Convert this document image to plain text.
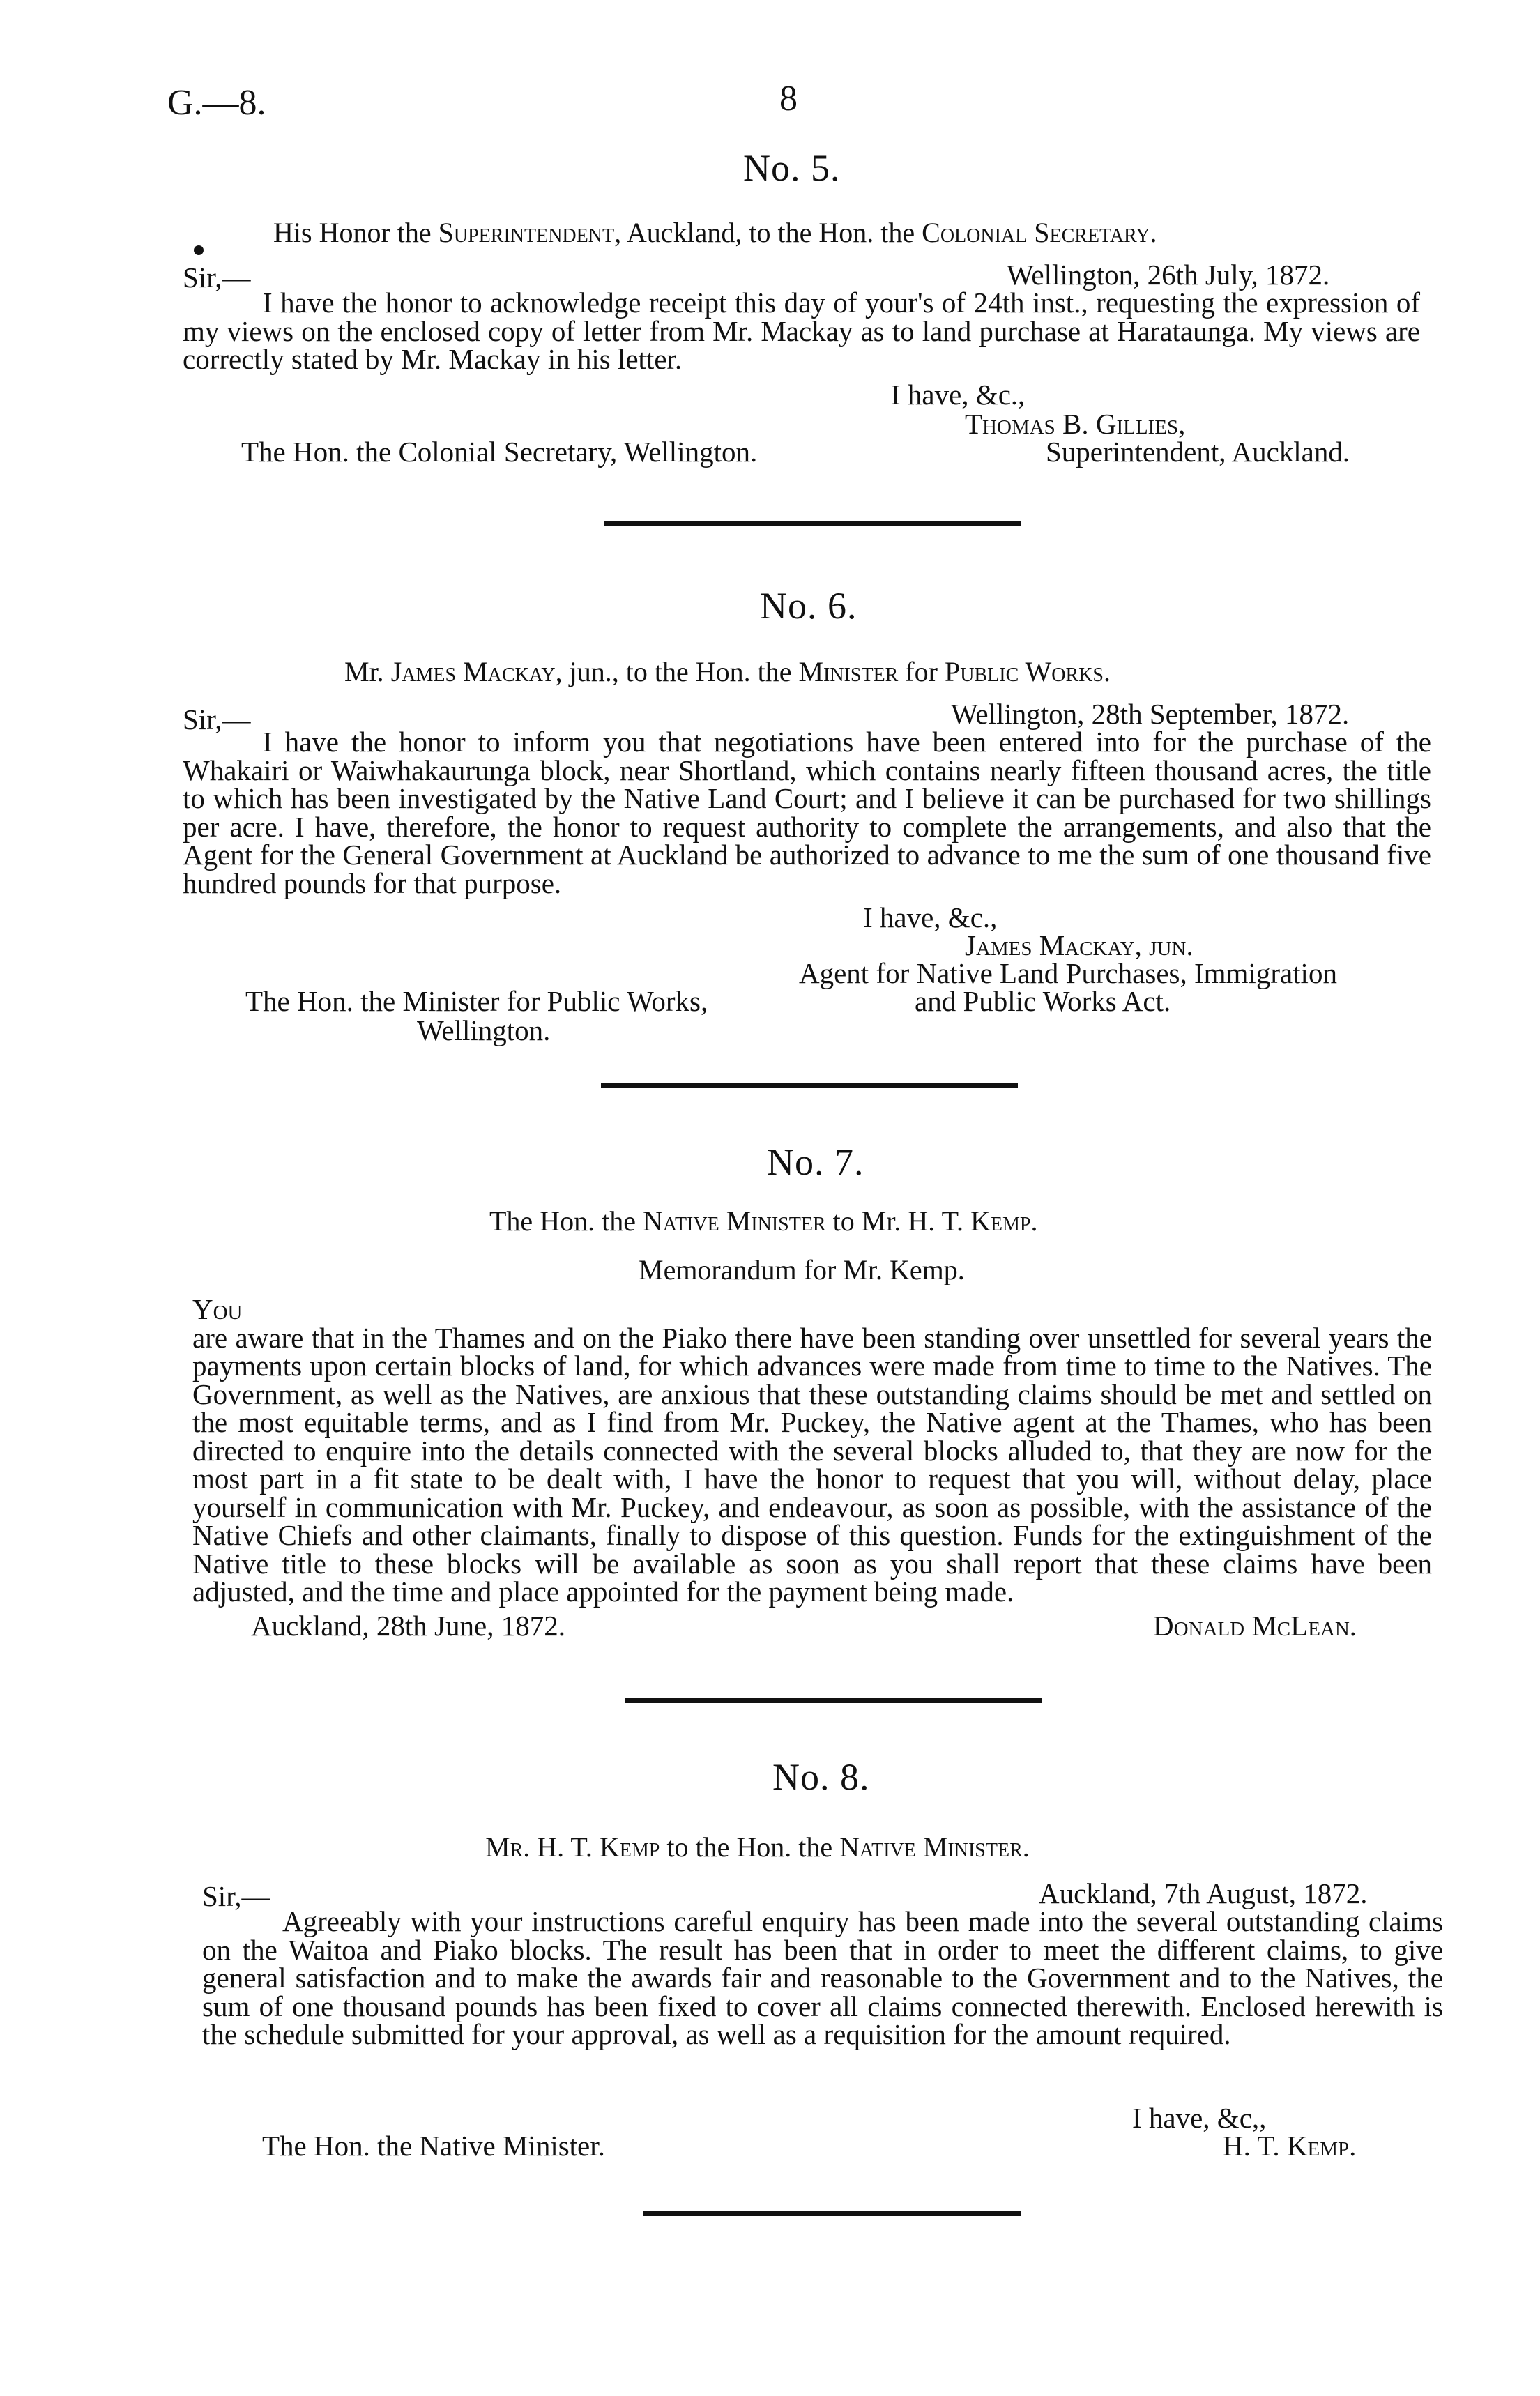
G.—8.	8
No. 5.
His Honor the Superintendent, Auckland, to the Hon. the Colonial Secretary.
Sir,—	Wellington, 26th July, 1872.
I have the honor to acknowledge receipt this day of your's of 24th inst., requesting the expression of my views on the enclosed copy of letter from Mr. Mackay as to land purchase at Harataunga. My views are correctly stated by Mr. Mackay in his letter.
I have, &c.,
Thomas B. Gillies,
Superintendent, Auckland.
The Hon. the Colonial Secretary, Wellington.
No. 6.
Mr. James Mackay, jun., to the Hon. the Minister for Public Works.
Sir,—	Wellington, 28th September, 1872.
I have the honor to inform you that negotiations have been entered into for the purchase of the Whakairi or Waiwhakaurunga block, near Shortland, which contains nearly fifteen thousand acres, the title to which has been investigated by the Native Land Court; and I believe it can be purchased for two shillings per acre. I have, therefore, the honor to request authority to complete the arrangements, and also that the Agent for the General Government at Auckland be authorized to advance to me the sum of one thousand five hundred pounds for that purpose.
I have, &c.,
James Mackay, jun.
Agent for Native Land Purchases, Immigration
and Public Works Act.
The Hon. the Minister for Public Works,
Wellington.
No. 7.
The Hon. the Native Minister to Mr. H. T. Kemp.
Memorandum for Mr. Kemp.
You
are aware that in the Thames and on the Piako there have been standing over unsettled for several years the payments upon certain blocks of land, for which advances were made from time to time to the Natives. The Government, as well as the Natives, are anxious that these outstanding claims should be met and settled on the most equitable terms, and as I find from Mr. Puckey, the Native agent at the Thames, who has been directed to enquire into the details connected with the several blocks alluded to, that they are now for the most part in a fit state to be dealt with, I have the honor to request that you will, without delay, place yourself in communication with Mr. Puckey, and endeavour, as soon as possible, with the assistance of the Native Chiefs and other claimants, finally to dispose of this question. Funds for the extinguishment of the Native title to these blocks will be available as soon as you shall report that these claims have been adjusted, and the time and place appointed for the payment being made.
Auckland, 28th June, 1872.	Donald McLean.
No. 8.
Mr. H. T. Kemp to the Hon. the Native Minister.
Sir,—	Auckland, 7th August, 1872.
Agreeably with your instructions careful enquiry has been made into the several outstanding claims on the Waitoa and Piako blocks. The result has been that in order to meet the different claims, to give general satisfaction and to make the awards fair and reasonable to the Government and to the Natives, the sum of one thousand pounds has been fixed to cover all claims connected therewith. Enclosed herewith is the schedule submitted for your approval, as well as a requisition for the amount required.
I have, &c,,
H. T. Kemp.
The Hon. the Native Minister.
